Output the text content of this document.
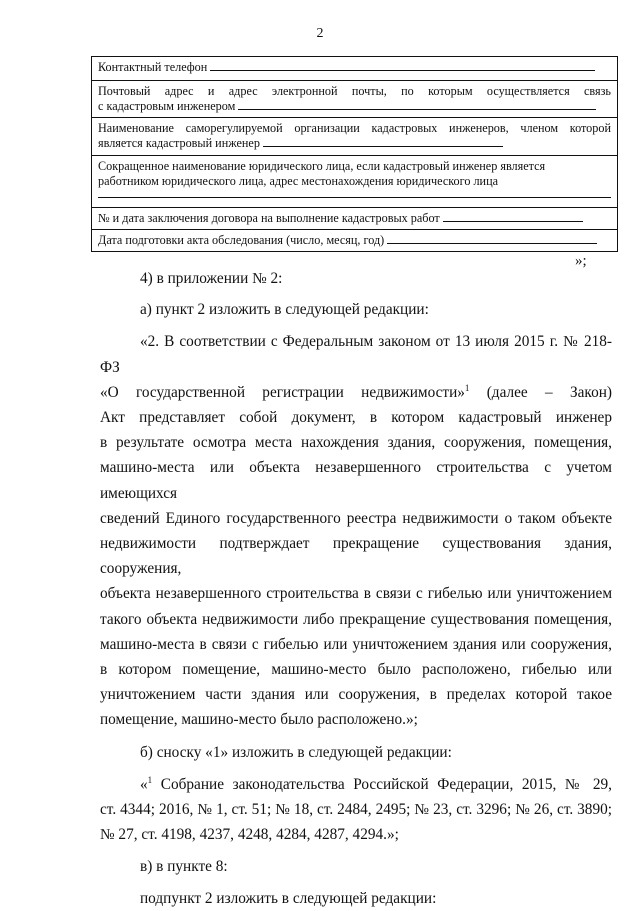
2
Контактный телефон
Почтовый адрес и адрес электронной почты, по которым осуществляется связь
с кадастровым инженером
Наименование саморегулируемой организации кадастровых инженеров, членом которой
является кадастровый инженер
Сокращенное наименование юридического лица, если кадастровый инженер является
работником юридического лица, адрес местонахождения юридического лица
№ и дата заключения договора на выполнение кадастровых работ
Дата подготовки акта обследования (число, месяц, год)
»;

4) в приложении № 2:

а) пункт 2 изложить в следующей редакции:

«2. В соответствии с Федеральным законом от 13 июля 2015 г. № 218-ФЗ
«О государственной регистрации недвижимости»$^1$ (далее – Закон)
Акт представляет собой документ, в котором кадастровый инженер
в результате осмотра места нахождения здания, сооружения, помещения,
машино-места или объекта незавершенного строительства с учетом имеющихся
сведений Единого государственного реестра недвижимости о таком объекте
недвижимости подтверждает прекращение существования здания, сооружения,
объекта незавершенного строительства в связи с гибелью или уничтожением
такого объекта недвижимости либо прекращение существования помещения,
машино-места в связи с гибелью или уничтожением здания или сооружения,
в котором помещение, машино-место было расположено, гибелью или
уничтожением части здания или сооружения, в пределах которой такое
помещение, машино-место было расположено.»;

б) сноску «1» изложить в следующей редакции:

«$^1$ Собрание законодательства Российской Федерации, 2015, № 29,
ст. 4344; 2016, № 1, ст. 51; № 18, ст. 2484, 2495; № 23, ст. 3296; № 26, ст. 3890;
№ 27, ст. 4198, 4237, 4248, 4284, 4287, 4294.»;

в) в пункте 8:

подпункт 2 изложить в следующей редакции:
